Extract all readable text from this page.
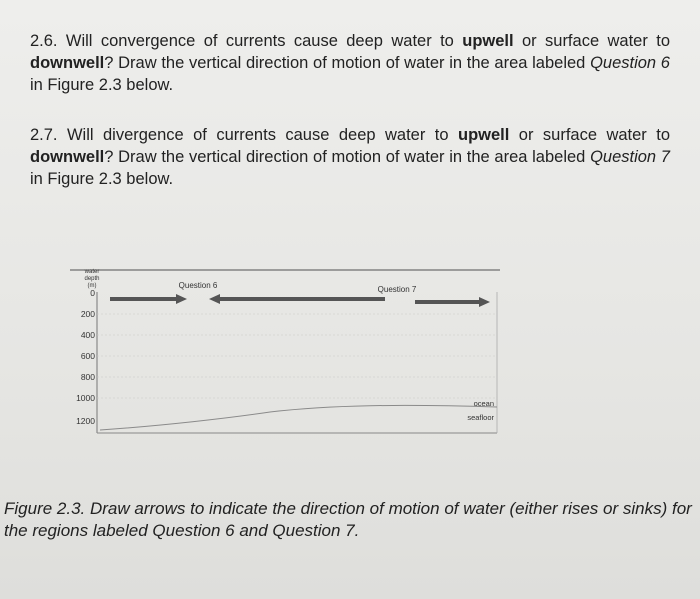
2.6. Will convergence of currents cause deep water to upwell or surface water to downwell? Draw the vertical direction of motion of water in the area labeled Question 6 in Figure 2.3 below.
2.7. Will divergence of currents cause deep water to upwell or surface water to downwell? Draw the vertical direction of motion of water in the area labeled Question 7 in Figure 2.3 below.
water
depth
(m)
0
200
400
600
800
1000
1200
Question 6	Question 7
ocean
seafloor
Figure 2.3. Draw arrows to indicate the direction of motion of water (either rises or sinks) for the regions labeled Question 6 and Question 7.
